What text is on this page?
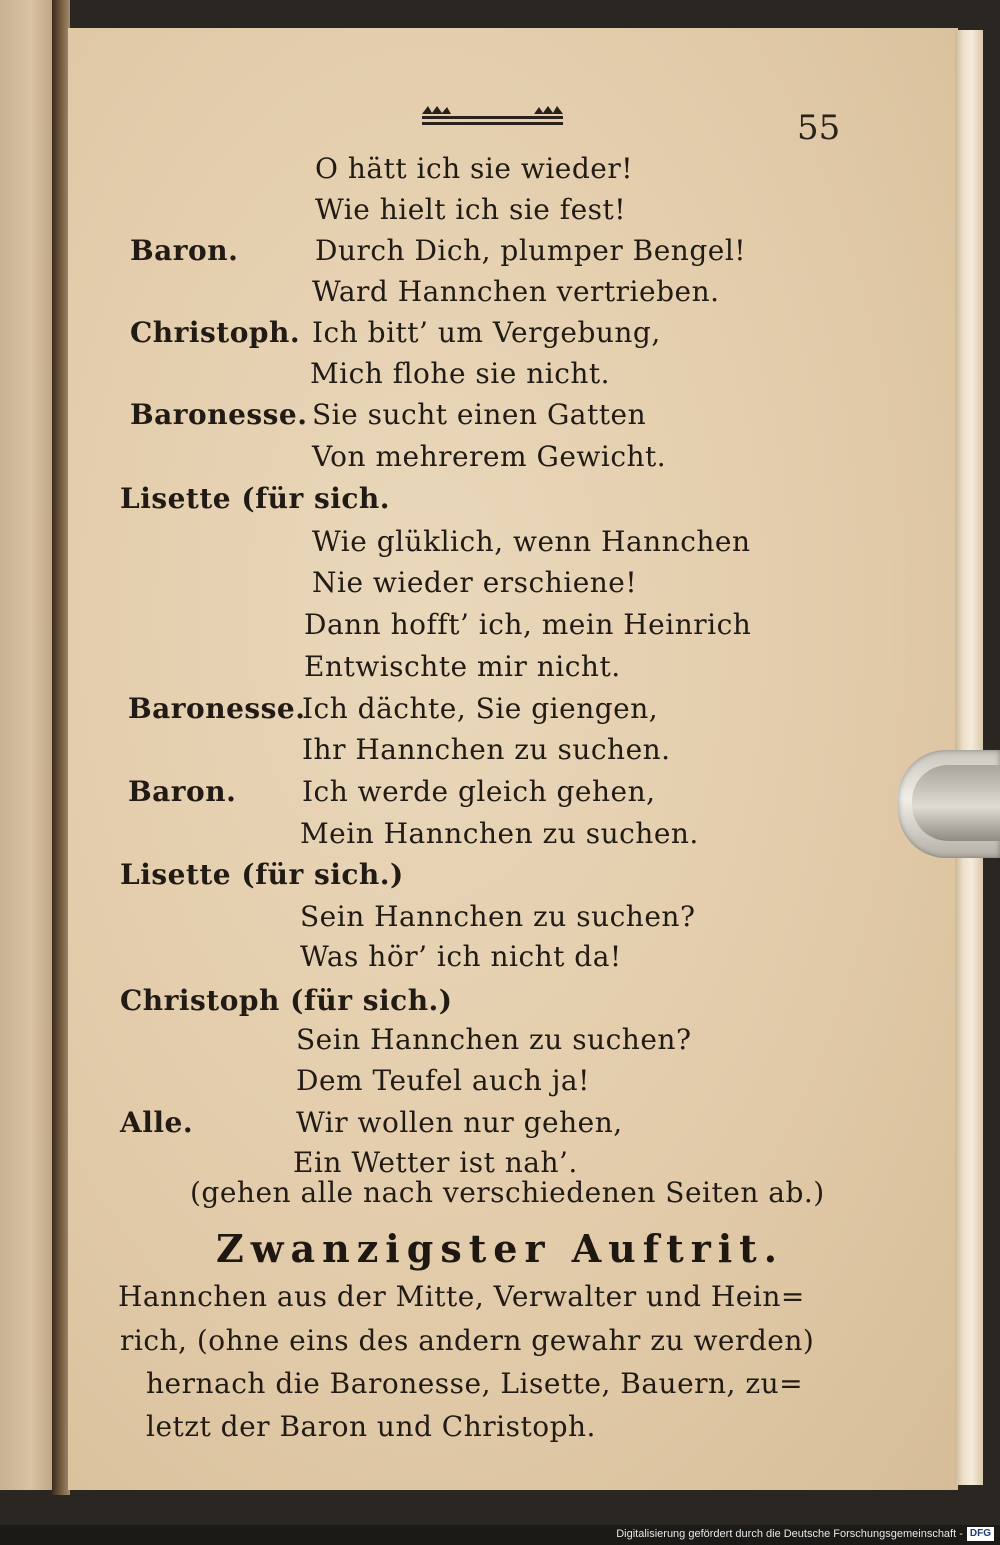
55
O hätt ich sie wieder!
Wie hielt ich sie fest!
Baron.	Durch Dich, plumper Bengel!
Ward Hannchen vertrieben.
Christoph. Ich bitt’ um Vergebung,
Mich flohe sie nicht.
Baronesse. Sie sucht einen Gatten
Von mehrerem Gewicht.
Lisette (für sich.
Wie glüklich, wenn Hannchen
Nie wieder erschiene!
Dann hofft’ ich, mein Heinrich
Entwischte mir nicht.
Baronesse.
Ich dächte, Sie giengen,
Ihr Hannchen zu suchen.
Baron. Ich werde gleich gehen,
Mein Hannchen zu suchen.
Lisette (für sich.)
Sein Hannchen zu suchen?
Was hör’ ich nicht da!
Christoph (für sich.)
Sein Hannchen zu suchen?
Dem Teufel auch ja!
Alle.	Wir wollen nur gehen,
Ein Wetter ist nah’.
(gehen alle nach verschiedenen Seiten ab.)
Zwanzigster Auftrit.
Hannchen aus der Mitte, Verwalter und Hein=
rich, (ohne eins des andern gewahr zu werden)
hernach die Baronesse, Lisette, Bauern, zu=
letzt der Baron und Christoph.
Digitalisierung gefördert durch die Deutsche Forschungsgemeinschaft - DFG
